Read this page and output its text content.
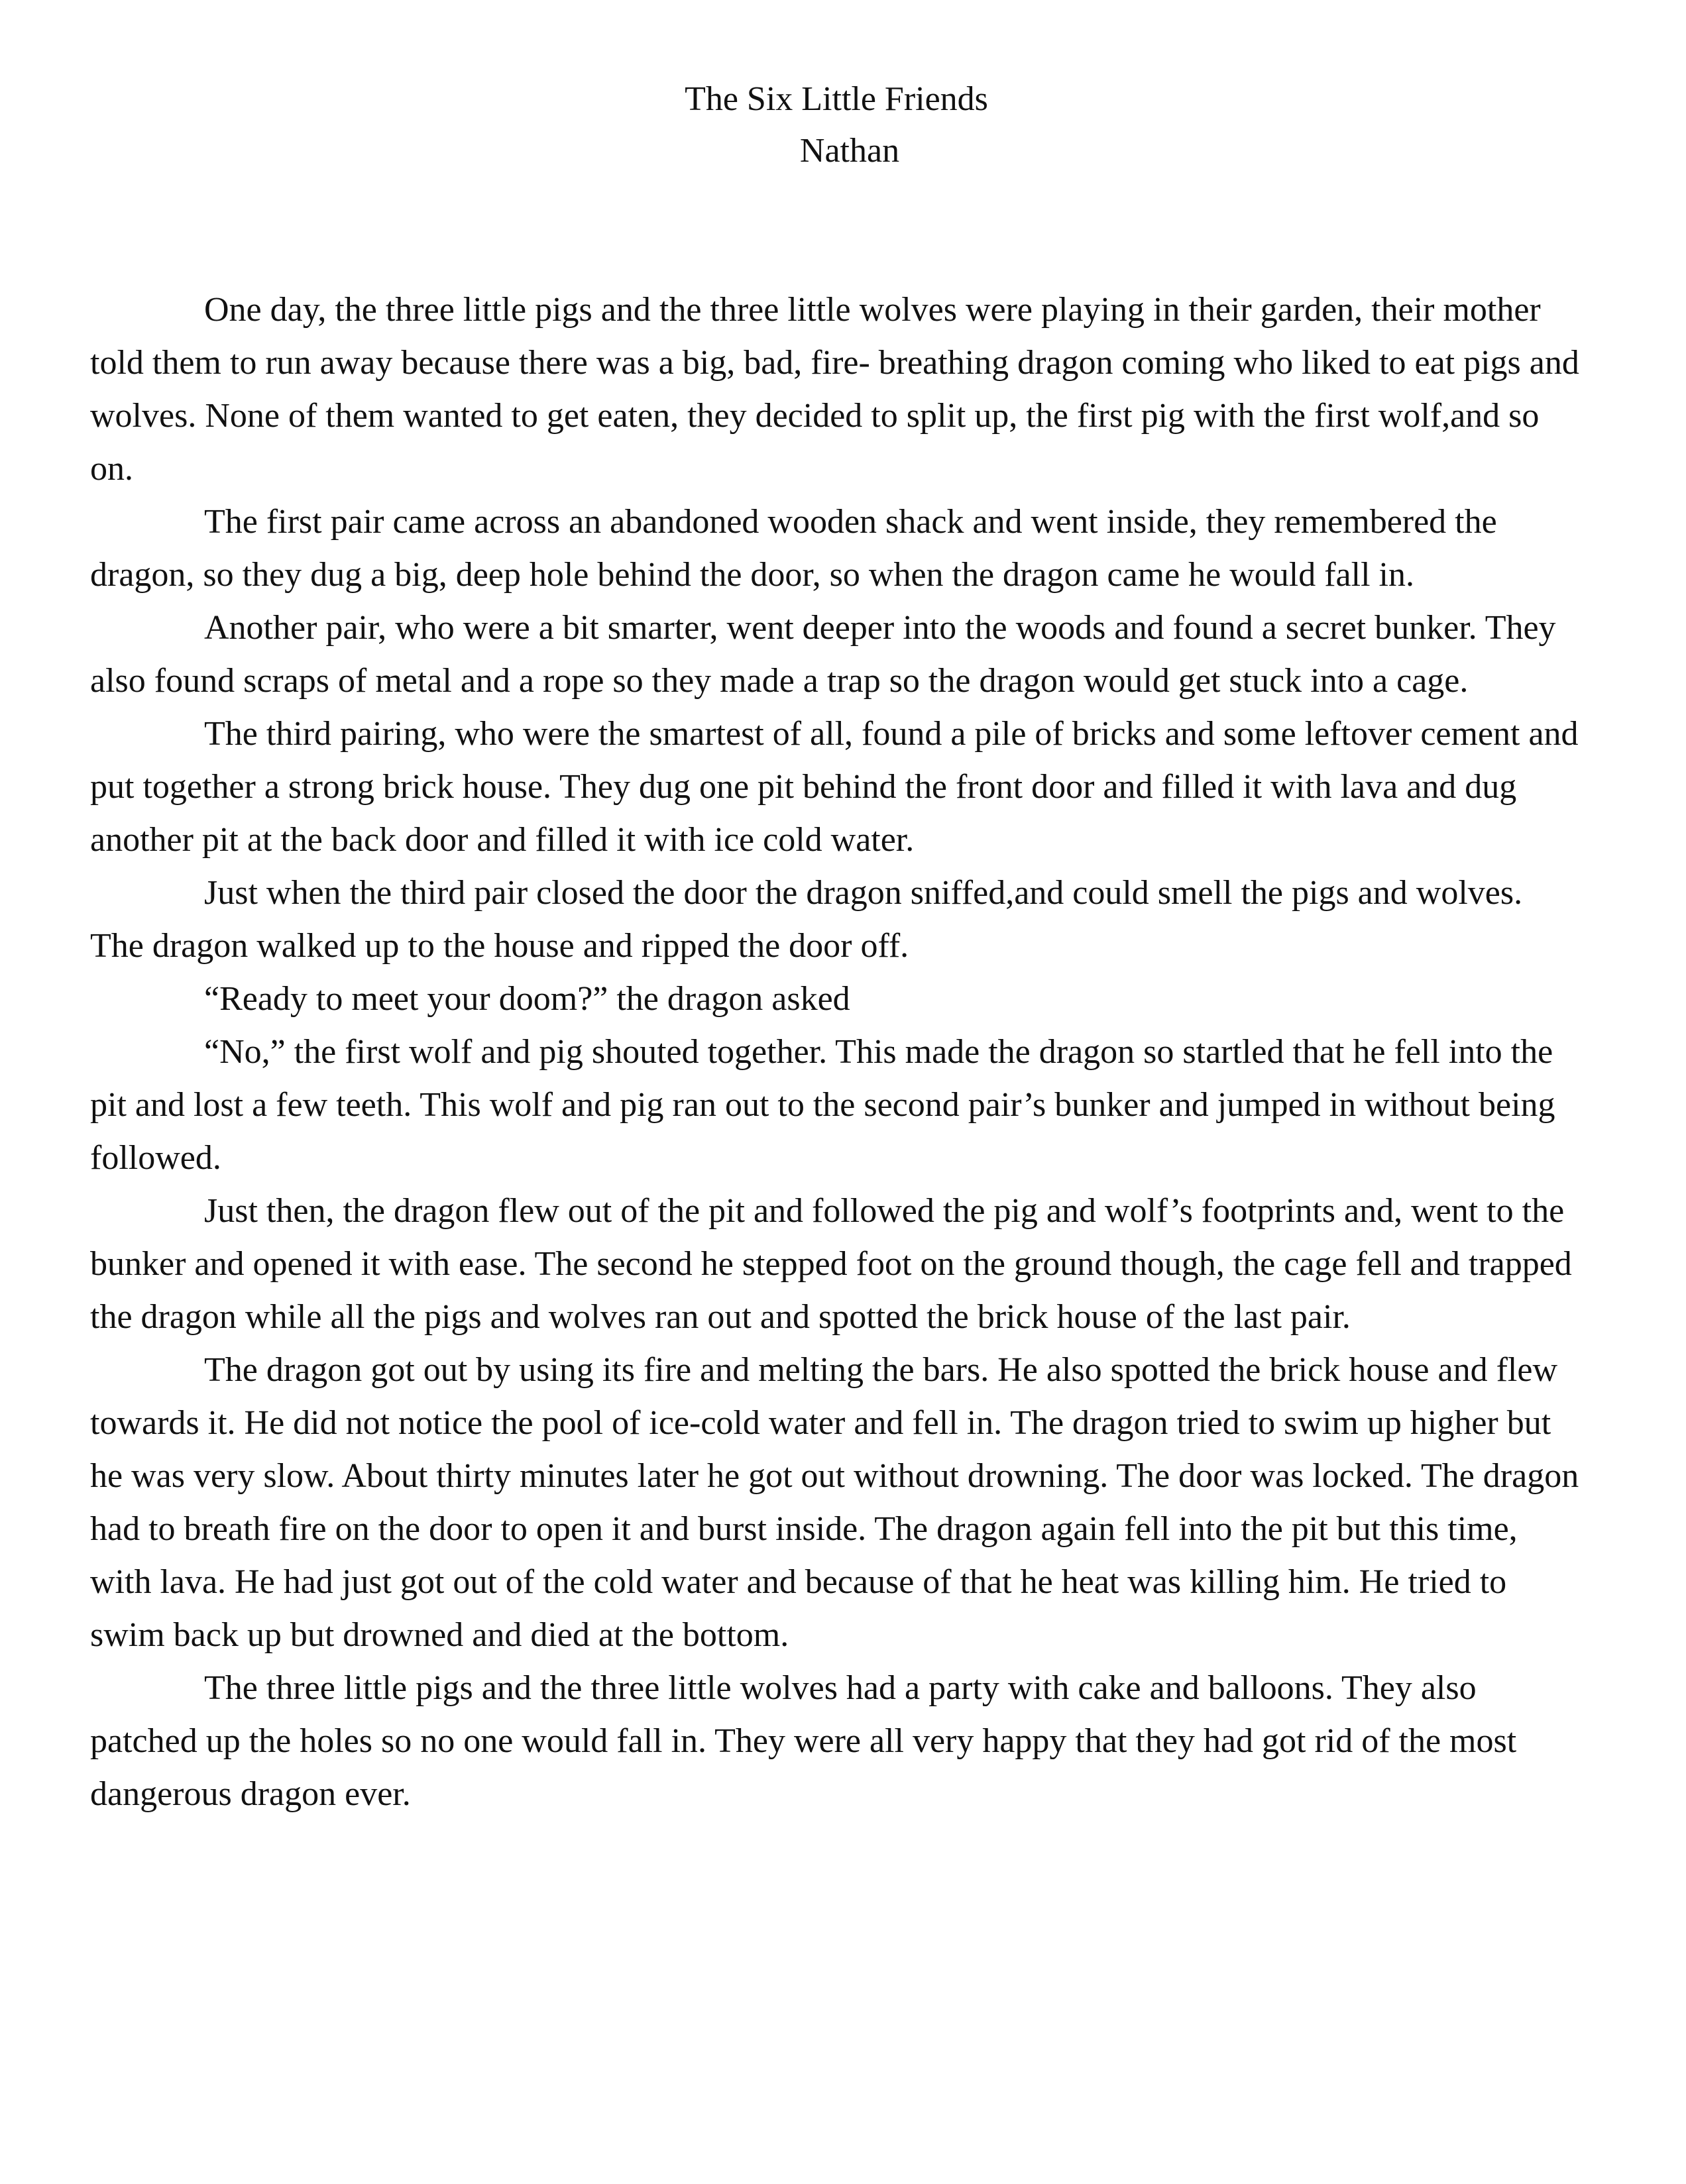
The Six Little Friends
Nathan

One day, the three little pigs and the three little wolves were playing in their garden, their mother told them to run away because there was a big, bad, fire- breathing dragon coming who liked to eat pigs and wolves. None of them wanted to get eaten, they decided to split up, the first pig with the first wolf,and so on.

The first pair came across an abandoned wooden shack and went inside, they remembered the dragon, so they dug a big, deep hole behind the door, so when the dragon came he would fall in.

Another pair, who were a bit smarter, went deeper into the woods and found a secret bunker. They also found scraps of metal and a rope so they made a trap so the dragon would get stuck into a cage.

The third pairing, who were the smartest of all, found a pile of bricks and some leftover cement and put together a strong brick house. They dug one pit behind the front door and filled it with lava and dug another pit at the back door and filled it with ice cold water.

Just when the third pair closed the door the dragon sniffed,and could smell the pigs and wolves. The dragon walked up to the house and ripped the door off.

“Ready to meet your doom?” the dragon asked

“No,” the first wolf and pig shouted together. This made the dragon so startled that he fell into the pit and lost a few teeth. This wolf and pig ran out to the second pair’s bunker and jumped in without being followed.

Just then, the dragon flew out of the pit and followed the pig and wolf’s footprints and, went to the bunker and opened it with ease. The second he stepped foot on the ground though, the cage fell and trapped the dragon while all the pigs and wolves ran out and spotted the brick house of the last pair.

The dragon got out by using its fire and melting the bars. He also spotted the brick house and flew towards it. He did not notice the pool of ice-cold water and fell in. The dragon tried to swim up higher but he was very slow. About thirty minutes later he got out without drowning. The door was locked. The dragon had to breath fire on the door to open it and burst inside. The dragon again fell into the pit but this time, with lava. He had just got out of the cold water and because of that he heat was killing him. He tried to swim back up but drowned and died at the bottom.

The three little pigs and the three little wolves had a party with cake and balloons. They also patched up the holes so no one would fall in. They were all very happy that they had got rid of the most dangerous dragon ever.
